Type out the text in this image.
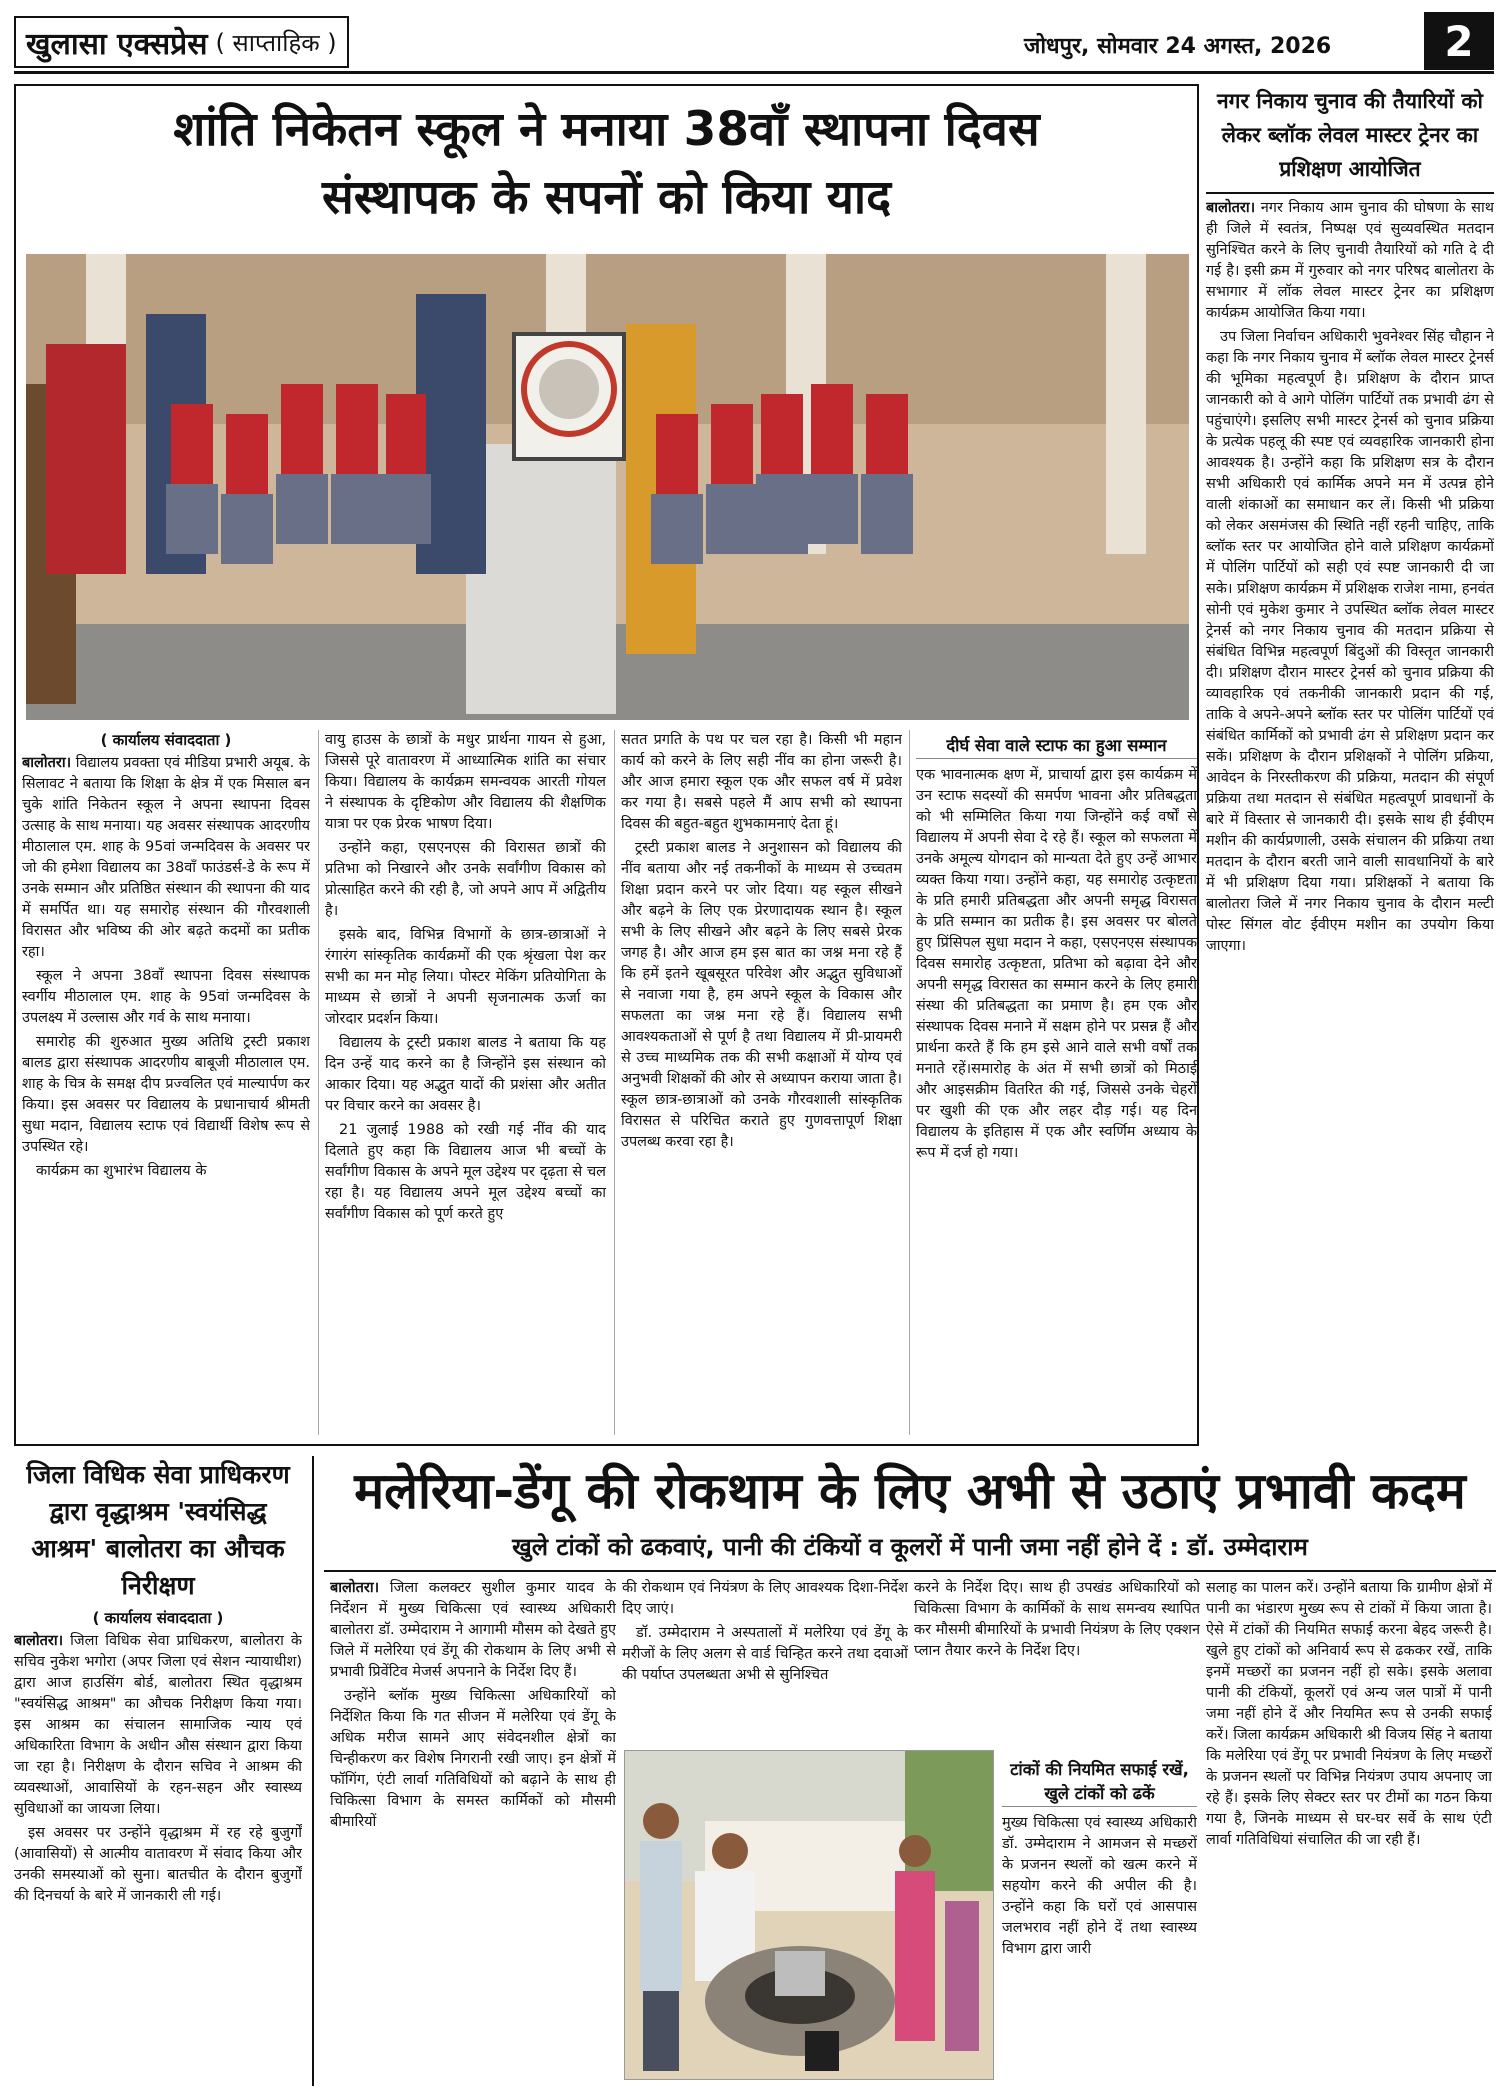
खुलासा एक्सप्रेस ( साप्ताहिक )	जोधपुर, सोमवार 24 अगस्त, 2026	2
शांति निकेतन स्कूल ने मनाया 38वाँ स्थापना दिवस
संस्थापक के सपनों को किया याद
( कार्यालय संवाददाता )

बालोतरा। विद्यालय प्रवक्ता एवं मीडिया प्रभारी अयूब. के सिलावट ने बताया कि शिक्षा के क्षेत्र में एक मिसाल बन चुके शांति निकेतन स्कूल ने अपना स्थापना दिवस उत्साह के साथ मनाया। यह अवसर संस्थापक आदरणीय मीठालाल एम. शाह के 95वां जन्मदिवस के अवसर पर जो की हमेशा विद्यालय का 38वाँ फाउंडर्स-डे के रूप में उनके सम्मान और प्रतिष्ठित संस्थान की स्थापना की याद में समर्पित था। यह समारोह संस्थान की गौरवशाली विरासत और भविष्य की ओर बढ़ते कदमों का प्रतीक रहा।

स्कूल ने अपना 38वाँ स्थापना दिवस संस्थापक स्वर्गीय मीठालाल एम. शाह के 95वां जन्मदिवस के उपलक्ष्य में उल्लास और गर्व के साथ मनाया।

समारोह की शुरुआत मुख्य अतिथि ट्रस्टी प्रकाश बालड द्वारा संस्थापक आदरणीय बाबूजी मीठालाल एम. शाह के चित्र के समक्ष दीप प्रज्वलित एवं माल्यार्पण कर किया। इस अवसर पर विद्यालय के प्रधानाचार्य श्रीमती सुधा मदान, विद्यालय स्टाफ एवं विद्यार्थी विशेष रूप से उपस्थित रहे।

कार्यक्रम का शुभारंभ विद्यालय के

वायु हाउस के छात्रों के मधुर प्रार्थना गायन से हुआ, जिससे पूरे वातावरण में आध्यात्मिक शांति का संचार किया। विद्यालय के कार्यक्रम समन्वयक आरती गोयल ने संस्थापक के दृष्टिकोण और विद्यालय की शैक्षणिक यात्रा पर एक प्रेरक भाषण दिया।

उन्होंने कहा, एसएनएस की विरासत छात्रों की प्रतिभा को निखारने और उनके सर्वांगीण विकास को प्रोत्साहित करने की रही है, जो अपने आप में अद्वितीय है।

इसके बाद, विभिन्न विभागों के छात्र-छात्राओं ने रंगारंग सांस्कृतिक कार्यक्रमों की एक श्रृंखला पेश कर सभी का मन मोह लिया। पोस्टर मेकिंग प्रतियोगिता के माध्यम से छात्रों ने अपनी सृजनात्मक ऊर्जा का जोरदार प्रदर्शन किया।

विद्यालय के ट्रस्टी प्रकाश बालड ने बताया कि यह दिन उन्हें याद करने का है जिन्होंने इस संस्थान को आकार दिया। यह अद्भुत यादों की प्रशंसा और अतीत पर विचार करने का अवसर है।

21 जुलाई 1988 को रखी गई नींव की याद दिलाते हुए कहा कि विद्यालय आज भी बच्चों के सर्वांगीण विकास के अपने मूल उद्देश्य पर दृढ़ता से चल रहा है। यह विद्यालय अपने मूल उद्देश्य बच्चों का सर्वांगीण विकास को पूर्ण करते हुए

सतत प्रगति के पथ पर चल रहा है। किसी भी महान कार्य को करने के लिए सही नींव का होना जरूरी है। और आज हमारा स्कूल एक और सफल वर्ष में प्रवेश कर गया है। सबसे पहले मैं आप सभी को स्थापना दिवस की बहुत-बहुत शुभकामनाएं देता हूं।

ट्रस्टी प्रकाश बालड ने अनुशासन को विद्यालय की नींव बताया और नई तकनीकों के माध्यम से उच्चतम शिक्षा प्रदान करने पर जोर दिया। यह स्कूल सीखने और बढ़ने के लिए एक प्रेरणादायक स्थान है। स्कूल सभी के लिए सीखने और बढ़ने के लिए सबसे प्रेरक जगह है। और आज हम इस बात का जश्न मना रहे हैं कि हमें इतने खूबसूरत परिवेश और अद्भुत सुविधाओं से नवाजा गया है, हम अपने स्कूल के विकास और सफलता का जश्न मना रहे हैं। विद्यालय सभी आवश्यकताओं से पूर्ण है तथा विद्यालय में प्री-प्रायमरी से उच्च माध्यमिक तक की सभी कक्षाओं में योग्य एवं अनुभवी शिक्षकों की ओर से अध्यापन कराया जाता है। स्कूल छात्र-छात्राओं को उनके गौरवशाली सांस्कृतिक विरासत से परिचित कराते हुए गुणवत्तापूर्ण शिक्षा उपलब्ध करवा रहा है।

दीर्घ सेवा वाले स्टाफ का हुआ सम्मान

एक भावनात्मक क्षण में, प्राचार्या द्वारा इस कार्यक्रम में उन स्टाफ सदस्यों की समर्पण भावना और प्रतिबद्धता को भी सम्मिलित किया गया जिन्होंने कई वर्षों से विद्यालय में अपनी सेवा दे रहे हैं। स्कूल को सफलता में उनके अमूल्य योगदान को मान्यता देते हुए उन्हें आभार व्यक्त किया गया। उन्होंने कहा, यह समारोह उत्कृष्टता के प्रति हमारी प्रतिबद्धता और अपनी समृद्ध विरासत के प्रति सम्मान का प्रतीक है। इस अवसर पर बोलते हुए प्रिंसिपल सुधा मदान ने कहा, एसएनएस संस्थापक दिवस समारोह उत्कृष्टता, प्रतिभा को बढ़ावा देने और अपनी समृद्ध विरासत का सम्मान करने के लिए हमारी संस्था की प्रतिबद्धता का प्रमाण है। हम एक और संस्थापक दिवस मनाने में सक्षम होने पर प्रसन्न हैं और प्रार्थना करते हैं कि हम इसे आने वाले सभी वर्षों तक मनाते रहें।समारोह के अंत में सभी छात्रों को मिठाई और आइसक्रीम वितरित की गई, जिससे उनके चेहरों पर खुशी की एक और लहर दौड़ गई। यह दिन विद्यालय के इतिहास में एक और स्वर्णिम अध्याय के रूप में दर्ज हो गया।

नगर निकाय चुनाव की तैयारियों को लेकर ब्लॉक लेवल मास्टर ट्रेनर का प्रशिक्षण आयोजित

बालोतरा। नगर निकाय आम चुनाव की घोषणा के साथ ही जिले में स्वतंत्र, निष्पक्ष एवं सुव्यवस्थित मतदान सुनिश्चित करने के लिए चुनावी तैयारियों को गति दे दी गई है। इसी क्रम में गुरुवार को नगर परिषद बालोतरा के सभागार में लॉक लेवल मास्टर ट्रेनर का प्रशिक्षण कार्यक्रम आयोजित किया गया।

उप जिला निर्वाचन अधिकारी भुवनेश्वर सिंह चौहान ने कहा कि नगर निकाय चुनाव में ब्लॉक लेवल मास्टर ट्रेनर्स की भूमिका महत्वपूर्ण है। प्रशिक्षण के दौरान प्राप्त जानकारी को वे आगे पोलिंग पार्टियों तक प्रभावी ढंग से पहुंचाएंगे। इसलिए सभी मास्टर ट्रेनर्स को चुनाव प्रक्रिया के प्रत्येक पहलू की स्पष्ट एवं व्यवहारिक जानकारी होना आवश्यक है। उन्होंने कहा कि प्रशिक्षण सत्र के दौरान सभी अधिकारी एवं कार्मिक अपने मन में उत्पन्न होने वाली शंकाओं का समाधान कर लें। किसी भी प्रक्रिया को लेकर असमंजस की स्थिति नहीं रहनी चाहिए, ताकि ब्लॉक स्तर पर आयोजित होने वाले प्रशिक्षण कार्यक्रमों में पोलिंग पार्टियों को सही एवं स्पष्ट जानकारी दी जा सके। प्रशिक्षण कार्यक्रम में प्रशिक्षक राजेश नामा, हनवंत सोनी एवं मुकेश कुमार ने उपस्थित ब्लॉक लेवल मास्टर ट्रेनर्स को नगर निकाय चुनाव की मतदान प्रक्रिया से संबंधित विभिन्न महत्वपूर्ण बिंदुओं की विस्तृत जानकारी दी। प्रशिक्षण दौरान मास्टर ट्रेनर्स को चुनाव प्रक्रिया की व्यावहारिक एवं तकनीकी जानकारी प्रदान की गई, ताकि वे अपने-अपने ब्लॉक स्तर पर पोलिंग पार्टियों एवं संबंधित कार्मिकों को प्रभावी ढंग से प्रशिक्षण प्रदान कर सकें। प्रशिक्षण के दौरान प्रशिक्षकों ने पोलिंग प्रक्रिया, आवेदन के निरस्तीकरण की प्रक्रिया, मतदान की संपूर्ण प्रक्रिया तथा मतदान से संबंधित महत्वपूर्ण प्रावधानों के बारे में विस्तार से जानकारी दी। इसके साथ ही ईवीएम मशीन की कार्यप्रणाली, उसके संचालन की प्रक्रिया तथा मतदान के दौरान बरती जाने वाली सावधानियों के बारे में भी प्रशिक्षण दिया गया। प्रशिक्षकों ने बताया कि बालोतरा जिले में नगर निकाय चुनाव के दौरान मल्टी पोस्ट सिंगल वोट ईवीएम मशीन का उपयोग किया जाएगा।

जिला विधिक सेवा प्राधिकरण द्वारा वृद्धाश्रम 'स्वयंसिद्ध आश्रम' बालोतरा का औचक निरीक्षण
( कार्यालय संवाददाता )

बालोतरा। जिला विधिक सेवा प्राधिकरण, बालोतरा के सचिव नुकेश भगोरा (अपर जिला एवं सेशन न्यायाधीश) द्वारा आज हाउसिंग बोर्ड, बालोतरा स्थित वृद्धाश्रम "स्वयंसिद्ध आश्रम" का औचक निरीक्षण किया गया। इस आश्रम का संचालन सामाजिक न्याय एवं अधिकारिता विभाग के अधीन औस संस्थान द्वारा किया जा रहा है। निरीक्षण के दौरान सचिव ने आश्रम की व्यवस्थाओं, आवासियों के रहन-सहन और स्वास्थ्य सुविधाओं का जायजा लिया।

इस अवसर पर उन्होंने वृद्धाश्रम में रह रहे बुजुर्गों (आवासियों) से आत्मीय वातावरण में संवाद किया और उनकी समस्याओं को सुना। बातचीत के दौरान बुजुर्गों की दिनचर्या के बारे में जानकारी ली गई।

मलेरिया-डेंगू की रोकथाम के लिए अभी से उठाएं प्रभावी कदम
खुले टांकों को ढकवाएं, पानी की टंकियों व कूलरों में पानी जमा नहीं होने दें : डॉ. उम्मेदाराम

बालोतरा। जिला कलक्टर सुशील कुमार यादव के निर्देशन में मुख्य चिकित्सा एवं स्वास्थ्य अधिकारी बालोतरा डॉ. उम्मेदाराम ने आगामी मौसम को देखते हुए जिले में मलेरिया एवं डेंगू की रोकथाम के लिए अभी से प्रभावी प्रिवेंटिव मेजर्स अपनाने के निर्देश दिए हैं।

उन्होंने ब्लॉक मुख्य चिकित्सा अधिकारियों को निर्देशित किया कि गत सीजन में मलेरिया एवं डेंगू के अधिक मरीज सामने आए संवेदनशील क्षेत्रों का चिन्हीकरण कर विशेष निगरानी रखी जाए। इन क्षेत्रों में फॉगिंग, एंटी लार्वा गतिविधियों को बढ़ाने के साथ ही चिकित्सा विभाग के समस्त कार्मिकों को मौसमी बीमारियों

की रोकथाम एवं नियंत्रण के लिए आवश्यक दिशा-निर्देश दिए जाएं।

डॉ. उम्मेदाराम ने अस्पतालों में मलेरिया एवं डेंगू के मरीजों के लिए अलग से वार्ड चिन्हित करने तथा दवाओं की पर्याप्त उपलब्धता अभी से सुनिश्चित

करने के निर्देश दिए। साथ ही उपखंड अधिकारियों को चिकित्सा विभाग के कार्मिकों के साथ समन्वय स्थापित कर मौसमी बीमारियों के प्रभावी नियंत्रण के लिए एक्शन प्लान तैयार करने के निर्देश दिए।

टांकों की नियमित सफाई रखें, खुले टांकों को ढकें

मुख्य चिकित्सा एवं स्वास्थ्य अधिकारी डॉ. उम्मेदाराम ने आमजन से मच्छरों के प्रजनन स्थलों को खत्म करने में सहयोग करने की अपील की है। उन्होंने कहा कि घरों एवं आसपास जलभराव नहीं होने दें तथा स्वास्थ्य विभाग द्वारा जारी

सलाह का पालन करें। उन्होंने बताया कि ग्रामीण क्षेत्रों में पानी का भंडारण मुख्य रूप से टांकों में किया जाता है। ऐसे में टांकों की नियमित सफाई करना बेहद जरूरी है। खुले हुए टांकों को अनिवार्य रूप से ढककर रखें, ताकि इनमें मच्छरों का प्रजनन नहीं हो सके। इसके अलावा पानी की टंकियों, कूलरों एवं अन्य जल पात्रों में पानी जमा नहीं होने दें और नियमित रूप से उनकी सफाई करें। जिला कार्यक्रम अधिकारी श्री विजय सिंह ने बताया कि मलेरिया एवं डेंगू पर प्रभावी नियंत्रण के लिए मच्छरों के प्रजनन स्थलों पर विभिन्न नियंत्रण उपाय अपनाए जा रहे हैं। इसके लिए सेक्टर स्तर पर टीमों का गठन किया गया है, जिनके माध्यम से घर-घर सर्वे के साथ एंटी लार्वा गतिविधियां संचालित की जा रही हैं।
